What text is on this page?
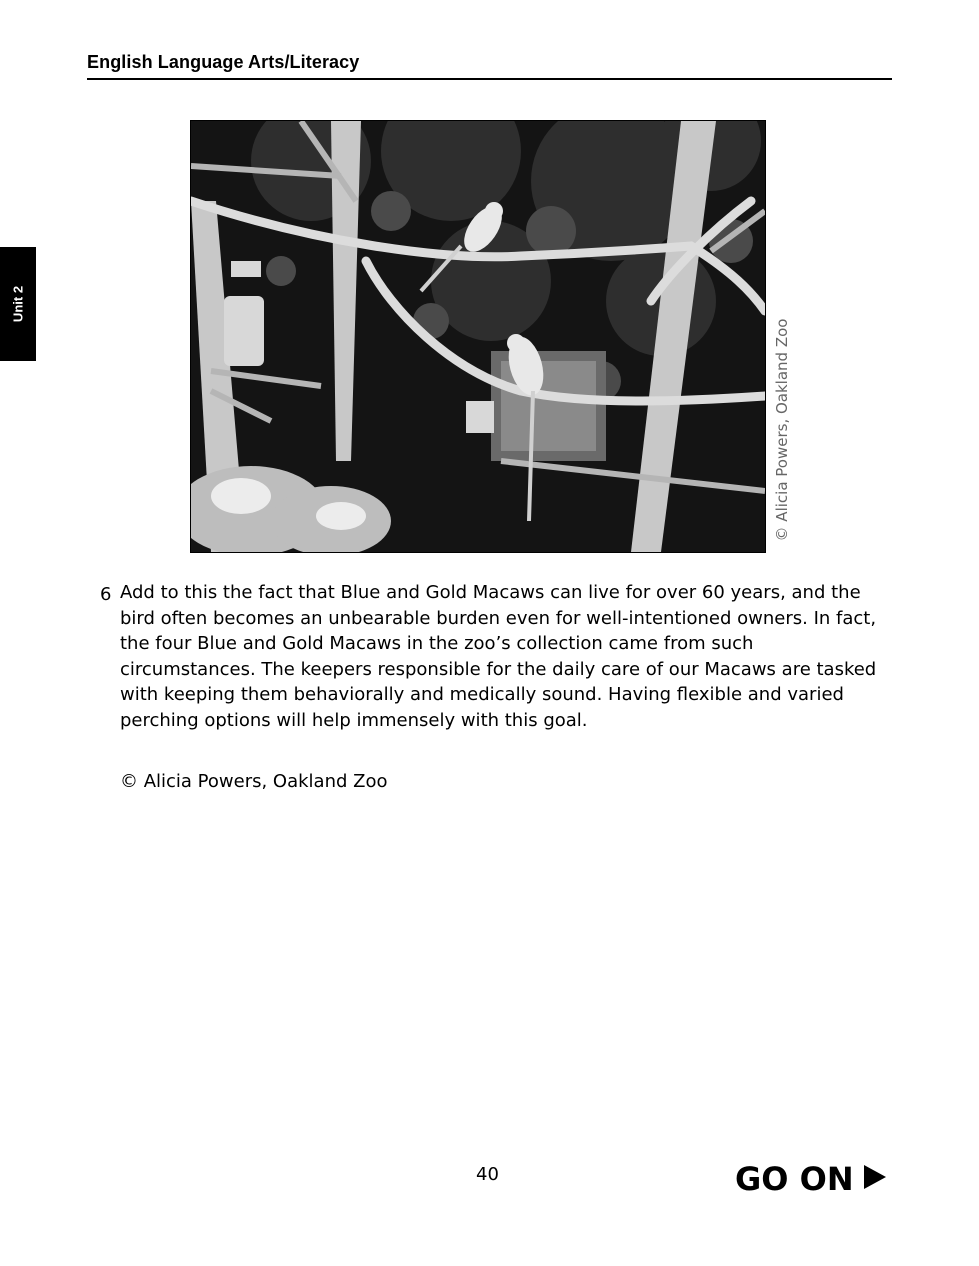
English Language Arts/Literacy
Unit 2
© Alicia Powers, Oakland Zoo
6 Add to this the fact that Blue and Gold Macaws can live for over 60 years, and the bird often becomes an unbearable burden even for well-intentioned owners. In fact, the four Blue and Gold Macaws in the zoo’s collection came from such circumstances. The keepers responsible for the daily care of our Macaws are tasked with keeping them behaviorally and medically sound. Having flexible and varied perching options will help immensely with this goal.

© Alicia Powers, Oakland Zoo
40	GO ON
